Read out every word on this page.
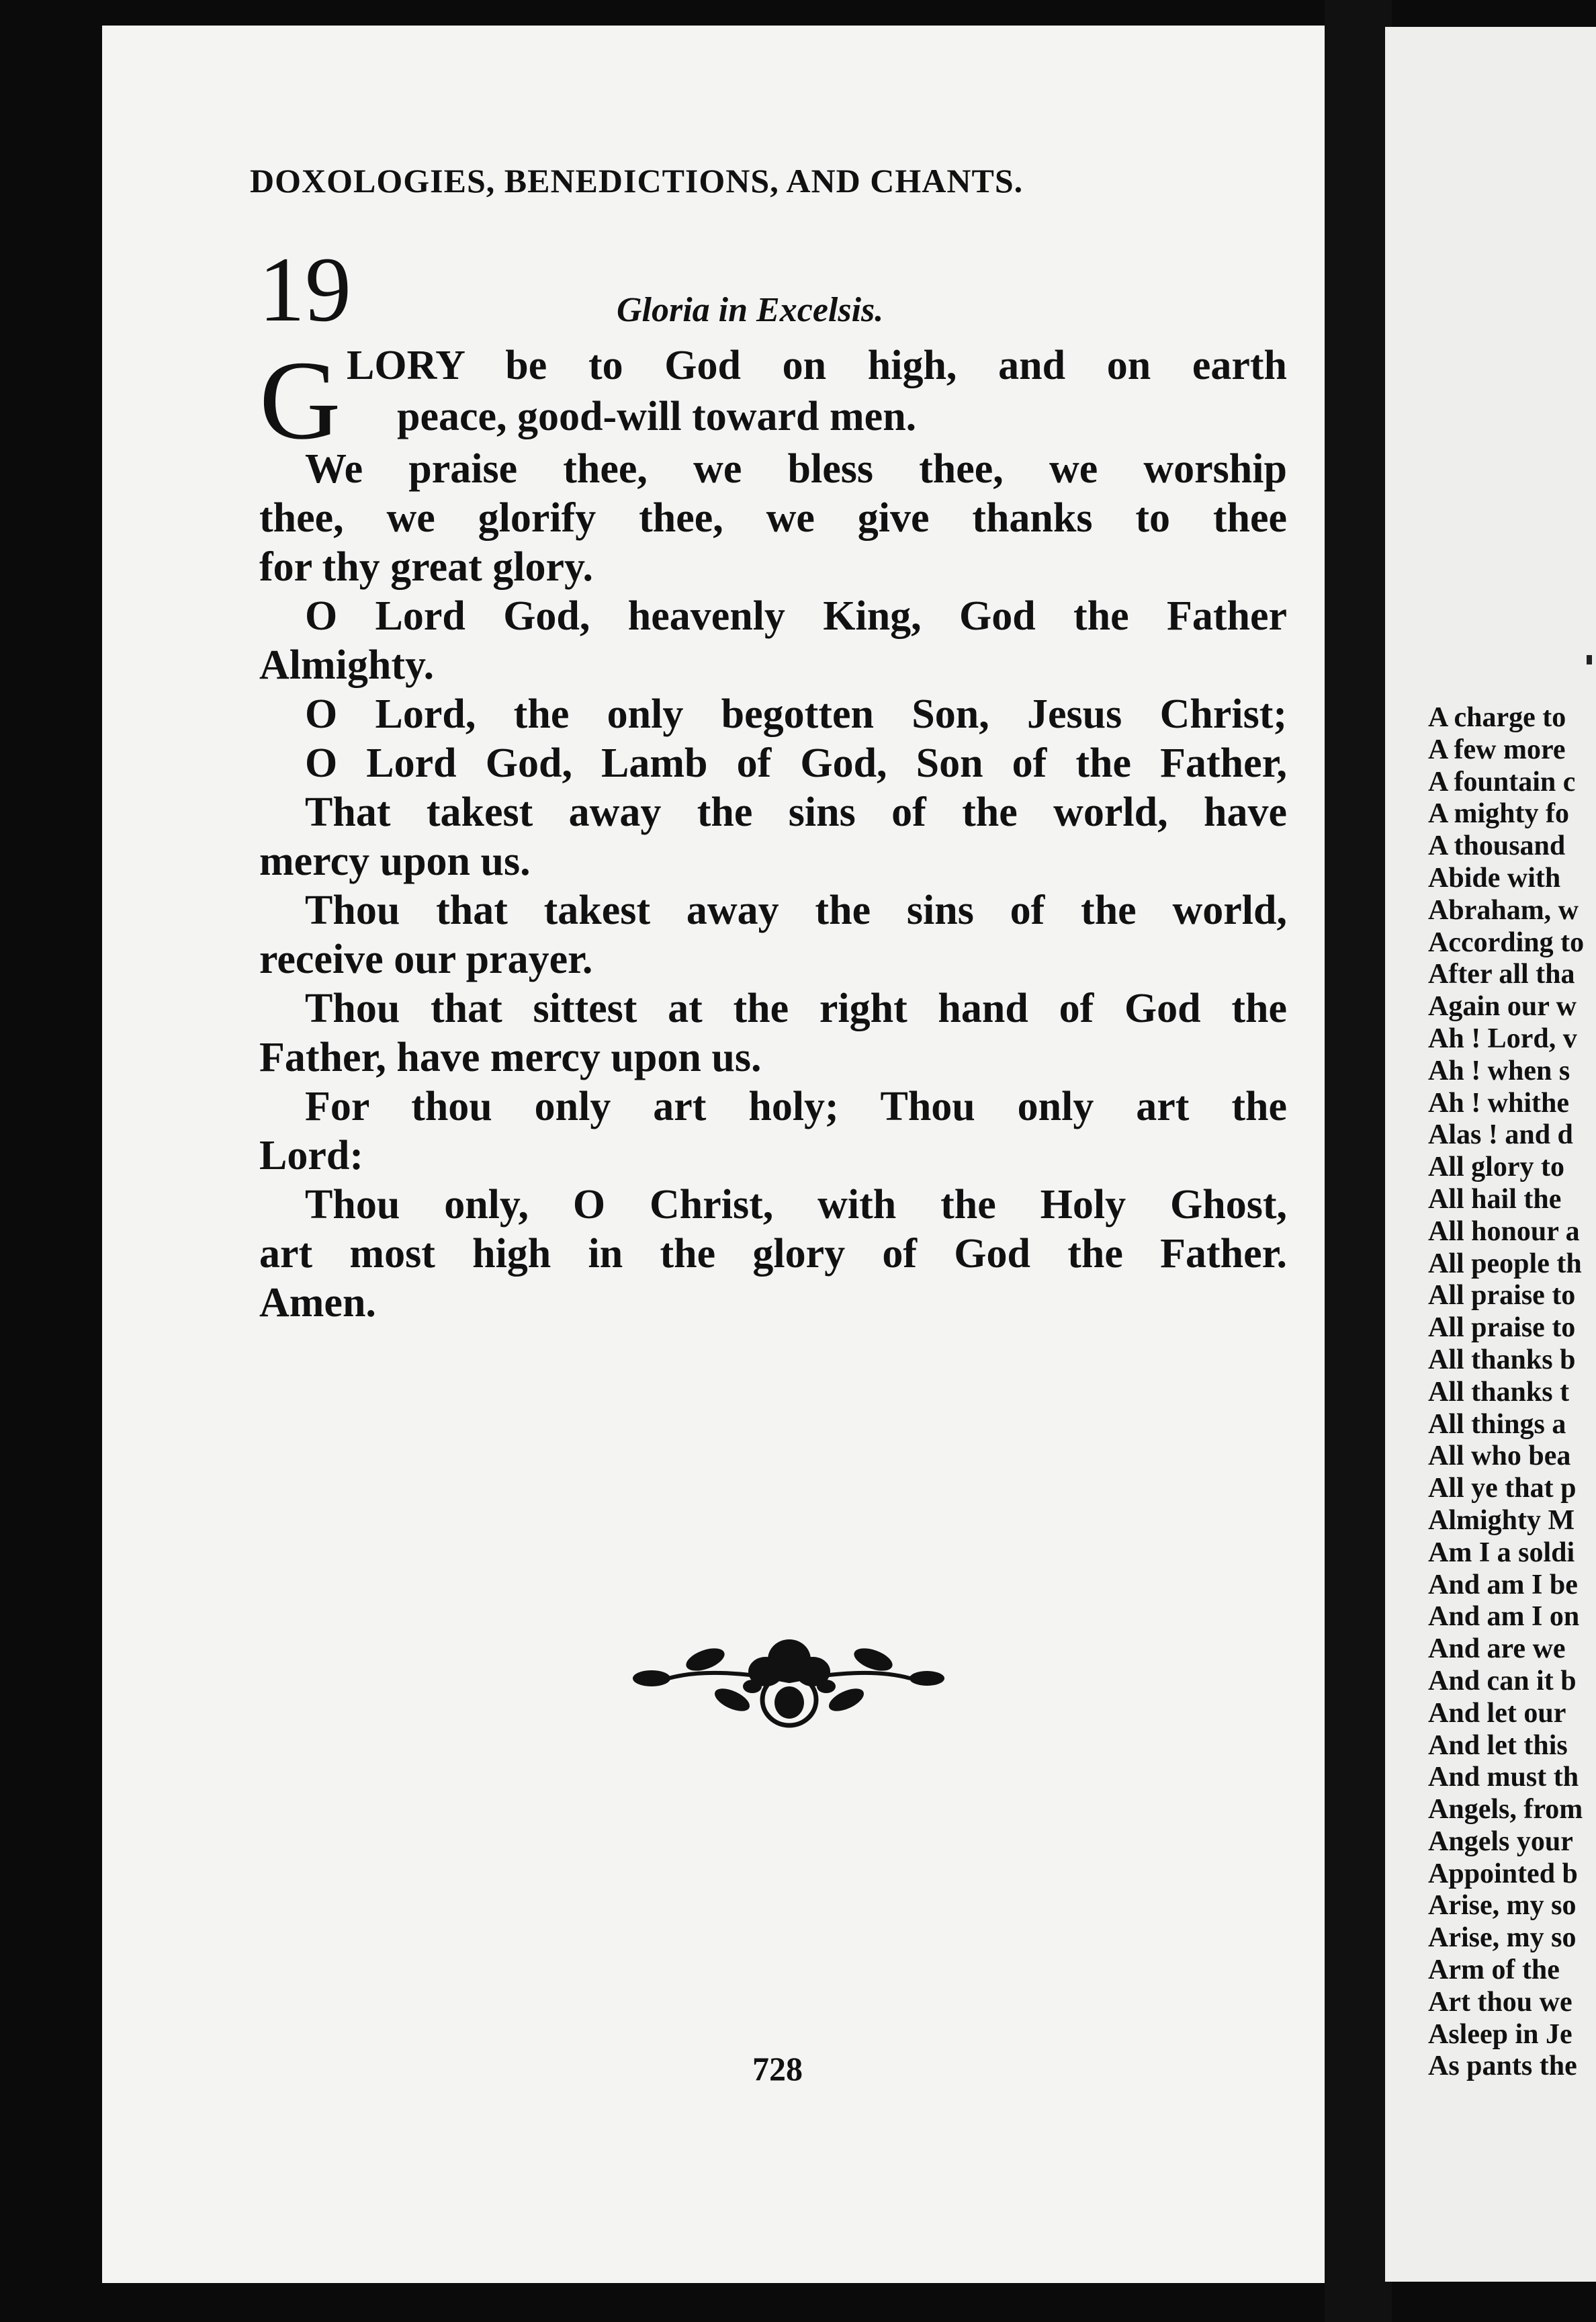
A charge to
A few more
A fountain c
A mighty fo
A thousand
Abide with
Abraham, w
According to
After all tha
Again our w
Ah ! Lord, v
Ah ! when s
Ah ! whithe
Alas ! and d
All glory to
All hail the
All honour a
All people th
All praise to
All praise to
All thanks b
All thanks t
All things a
All who bea
All ye that p
Almighty M
Am I a soldi
And am I be
And am I on
And are we
And can it b
And let our
And let this
And must th
Angels, from
Angels your
Appointed b
Arise, my so
Arise, my so
Arm of the
Art thou we
Asleep in Je
As pants the
DOXOLOGIES, BENEDICTIONS, AND CHANTS.
19	Gloria in Excelsis.
G LORY be to God on high, and on earth
peace, good-will toward men.
We praise thee, we bless thee, we worship
thee, we glorify thee, we give thanks to thee
for thy great glory.
O Lord God, heavenly King, God the Father
Almighty.
O Lord, the only begotten Son, Jesus Christ;
O Lord God, Lamb of God, Son of the Father,
That takest away the sins of the world, have
mercy upon us.
Thou that takest away the sins of the world,
receive our prayer.
Thou that sittest at the right hand of God the
Father, have mercy upon us.
For thou only art holy; Thou only art the
Lord:
Thou only, O Christ, with the Holy Ghost,
art most high in the glory of God the Father.
Amen.
728
